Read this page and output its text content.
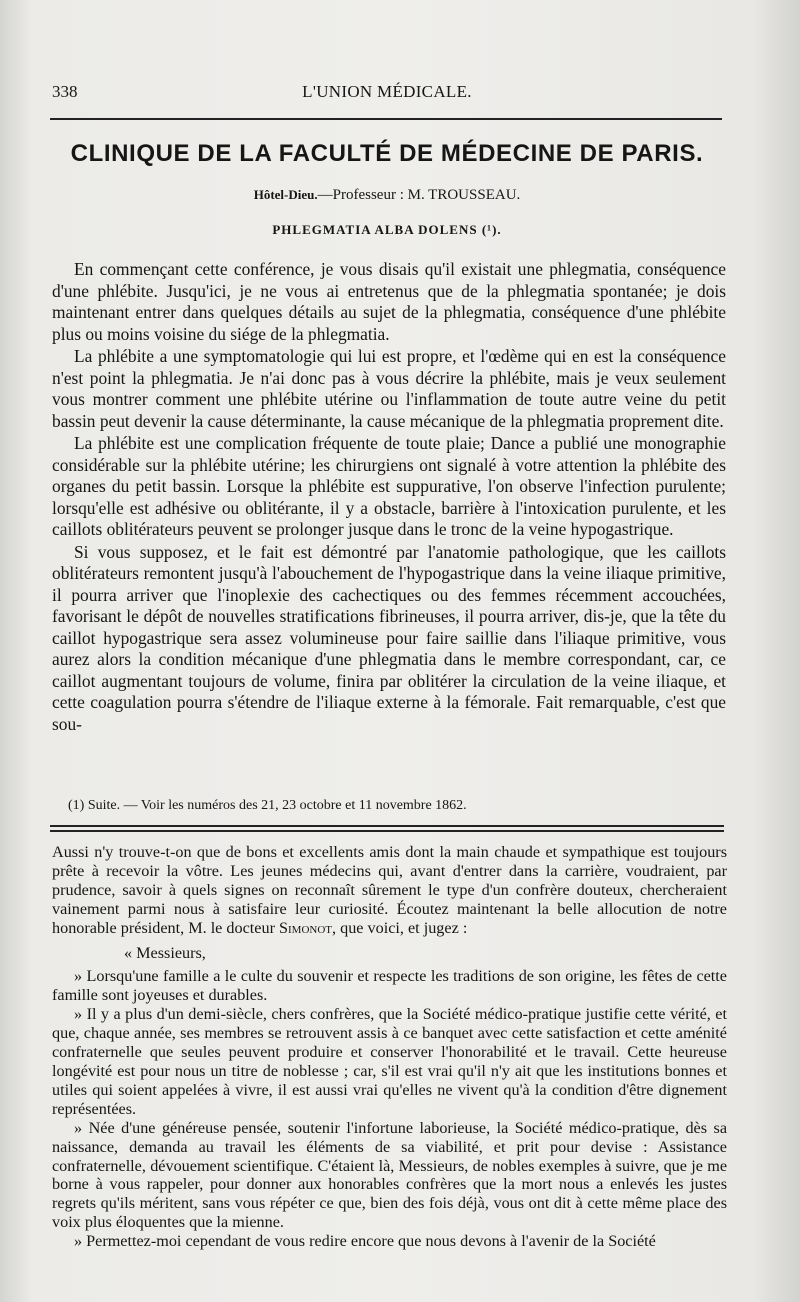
338	L'UNION MÉDICALE.
CLINIQUE DE LA FACULTÉ DE MÉDECINE DE PARIS.
Hôtel-Dieu.—Professeur : M. TROUSSEAU.
PHLEGMATIA ALBA DOLENS (¹).

En commençant cette conférence, je vous disais qu'il existait une phlegmatia, conséquence d'une phlébite. Jusqu'ici, je ne vous ai entretenus que de la phlegmatia spontanée; je dois maintenant entrer dans quelques détails au sujet de la phlegmatia, conséquence d'une phlébite plus ou moins voisine du siége de la phlegmatia.

La phlébite a une symptomatologie qui lui est propre, et l'œdème qui en est la conséquence n'est point la phlegmatia. Je n'ai donc pas à vous décrire la phlébite, mais je veux seulement vous montrer comment une phlébite utérine ou l'inflammation de toute autre veine du petit bassin peut devenir la cause déterminante, la cause mécanique de la phlegmatia proprement dite.

La phlébite est une complication fréquente de toute plaie; Dance a publié une monographie considérable sur la phlébite utérine; les chirurgiens ont signalé à votre attention la phlébite des organes du petit bassin. Lorsque la phlébite est suppurative, l'on observe l'infection purulente; lorsqu'elle est adhésive ou oblitérante, il y a obstacle, barrière à l'intoxication purulente, et les caillots oblitérateurs peuvent se prolonger jusque dans le tronc de la veine hypogastrique.

Si vous supposez, et le fait est démontré par l'anatomie pathologique, que les caillots oblitérateurs remontent jusqu'à l'abouchement de l'hypogastrique dans la veine iliaque primitive, il pourra arriver que l'inoplexie des cachectiques ou des femmes récemment accouchées, favorisant le dépôt de nouvelles stratifications fibrineuses, il pourra arriver, dis-je, que la tête du caillot hypogastrique sera assez volumineuse pour faire saillie dans l'iliaque primitive, vous aurez alors la condition mécanique d'une phlegmatia dans le membre correspondant, car, ce caillot augmentant toujours de volume, finira par oblitérer la circulation de la veine iliaque, et cette coagulation pourra s'étendre de l'iliaque externe à la fémorale. Fait remarquable, c'est que sou-

(1) Suite. — Voir les numéros des 21, 23 octobre et 11 novembre 1862.

Aussi n'y trouve-t-on que de bons et excellents amis dont la main chaude et sympathique est toujours prête à recevoir la vôtre. Les jeunes médecins qui, avant d'entrer dans la carrière, voudraient, par prudence, savoir à quels signes on reconnaît sûrement le type d'un confrère douteux, chercheraient vainement parmi nous à satisfaire leur curiosité. Écoutez maintenant la belle allocution de notre honorable président, M. le docteur Simonot, que voici, et jugez :

« Messieurs,

» Lorsqu'une famille a le culte du souvenir et respecte les traditions de son origine, les fêtes de cette famille sont joyeuses et durables.

» Il y a plus d'un demi-siècle, chers confrères, que la Société médico-pratique justifie cette vérité, et que, chaque année, ses membres se retrouvent assis à ce banquet avec cette satisfaction et cette aménité confraternelle que seules peuvent produire et conserver l'honorabilité et le travail. Cette heureuse longévité est pour nous un titre de noblesse ; car, s'il est vrai qu'il n'y ait que les institutions bonnes et utiles qui soient appelées à vivre, il est aussi vrai qu'elles ne vivent qu'à la condition d'être dignement représentées.

» Née d'une généreuse pensée, soutenir l'infortune laborieuse, la Société médico-pratique, dès sa naissance, demanda au travail les éléments de sa viabilité, et prit pour devise : Assistance confraternelle, dévouement scientifique. C'étaient là, Messieurs, de nobles exemples à suivre, que je me borne à vous rappeler, pour donner aux honorables confrères que la mort nous a enlevés les justes regrets qu'ils méritent, sans vous répéter ce que, bien des fois déjà, vous ont dit à cette même place des voix plus éloquentes que la mienne.

» Permettez-moi cependant de vous redire encore que nous devons à l'avenir de la Société
